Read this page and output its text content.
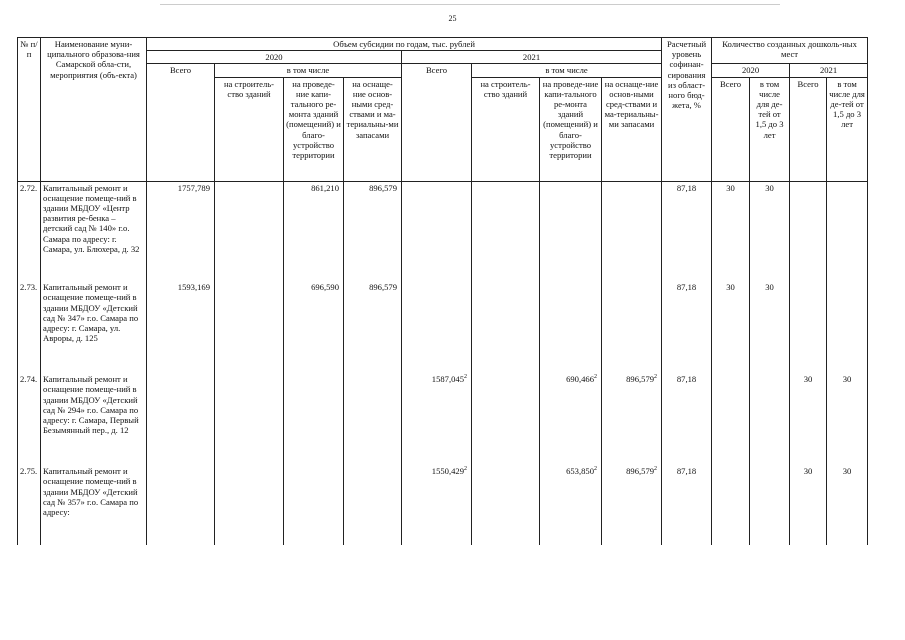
25
№ п/п	Наименование муни-ципального образова-ния Самарской обла-сти, мероприятия (объ-екта)	Объем субсидии по годам, тыс. рублей								Расчетный уровень софинан-сирования из област-ного бюд-жета, %	Количество созданных дошколь-ных мест			
		2020				2021								
		Всего	в том числе			Всего	в том числе				2020		2021	
			на строитель-ство зданий	на проведе-ние капи-тального ре-монта зданий (помещений) и благо-устройство территории	на оснаще-ние основ-ными сред-ствами и ма-териальны-ми запасами		на строитель-ство зданий	на проведе-ние капи-тального ре-монта зданий (помещений) и благо-устройство территории	на оснаще-ние основ-ными сред-ствами и ма-териальны-ми запасами		Всего	в том числе для де-тей от 1,5 до 3 лет	Всего	в том числе для де-тей от 1,5 до 3 лет
2.72.	Капитальный ремонт и оснащение помеще-ний в здании МБДОУ «Центр развития ре-бенка – детский сад № 140» г.о. Самара по адресу: г. Самара, ул. Блюхера, д. 32	1757,789		861,210	896,579					87,18	30	30		
2.73.	Капитальный ремонт и оснащение помеще-ний в здании МБДОУ «Детский сад № 347» г.о. Самара по адресу: г. Самара, ул. Авроры, д. 125	1593,169		696,590	896,579					87,18	30	30		
2.74.	Капитальный ремонт и оснащение помеще-ний в здании МБДОУ «Детский сад № 294» г.о. Самара по адресу: г. Самара, Первый Безымянный пер., д. 12					1587,045$^2$		690,466$^2$	896,579$^2$	87,18			30	30
2.75.	Капитальный ремонт и оснащение помеще-ний в здании МБДОУ «Детский сад № 357» г.о. Самара по адресу:					1550,429$^2$		653,850$^2$	896,579$^2$	87,18			30	30
